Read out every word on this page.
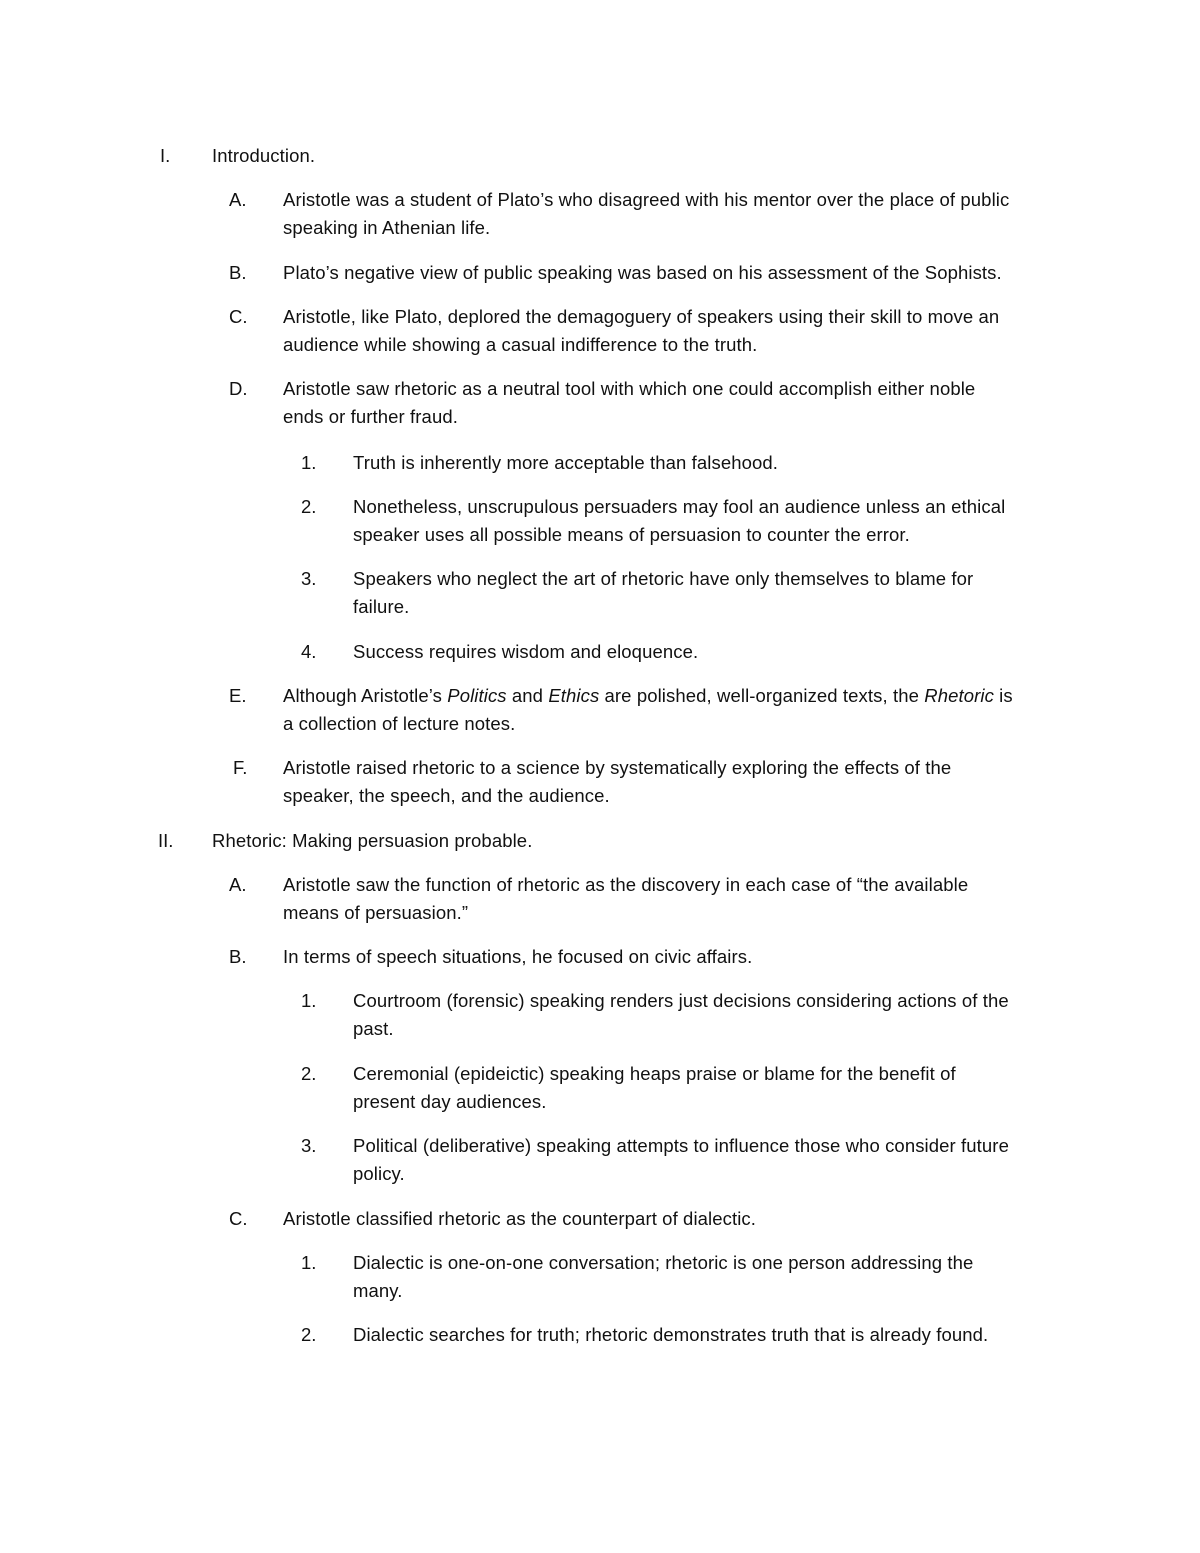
I. Introduction.
A. Aristotle was a student of Plato’s who disagreed with his mentor over the place of public
speaking in Athenian life.
B. Plato’s negative view of public speaking was based on his assessment of the Sophists.
C. Aristotle, like Plato, deplored the demagoguery of speakers using their skill to move an
audience while showing a casual indifference to the truth.
D. Aristotle saw rhetoric as a neutral tool with which one could accomplish either noble
ends or further fraud.
1. Truth is inherently more acceptable than falsehood.
2. Nonetheless, unscrupulous persuaders may fool an audience unless an ethical
speaker uses all possible means of persuasion to counter the error.
3. Speakers who neglect the art of rhetoric have only themselves to blame for
failure.
4. Success requires wisdom and eloquence.
E. Although Aristotle’s Politics and Ethics are polished, well-organized texts, the Rhetoric is
a collection of lecture notes.
F. Aristotle raised rhetoric to a science by systematically exploring the effects of the
speaker, the speech, and the audience.
II. Rhetoric: Making persuasion probable.
A. Aristotle saw the function of rhetoric as the discovery in each case of “the available
means of persuasion.”
B. In terms of speech situations, he focused on civic affairs.
1. Courtroom (forensic) speaking renders just decisions considering actions of the
past.
2. Ceremonial (epideictic) speaking heaps praise or blame for the benefit of
present day audiences.
3. Political (deliberative) speaking attempts to influence those who consider future
policy.
C. Aristotle classified rhetoric as the counterpart of dialectic.
1. Dialectic is one-on-one conversation; rhetoric is one person addressing the
many.
2. Dialectic searches for truth; rhetoric demonstrates truth that is already found.
